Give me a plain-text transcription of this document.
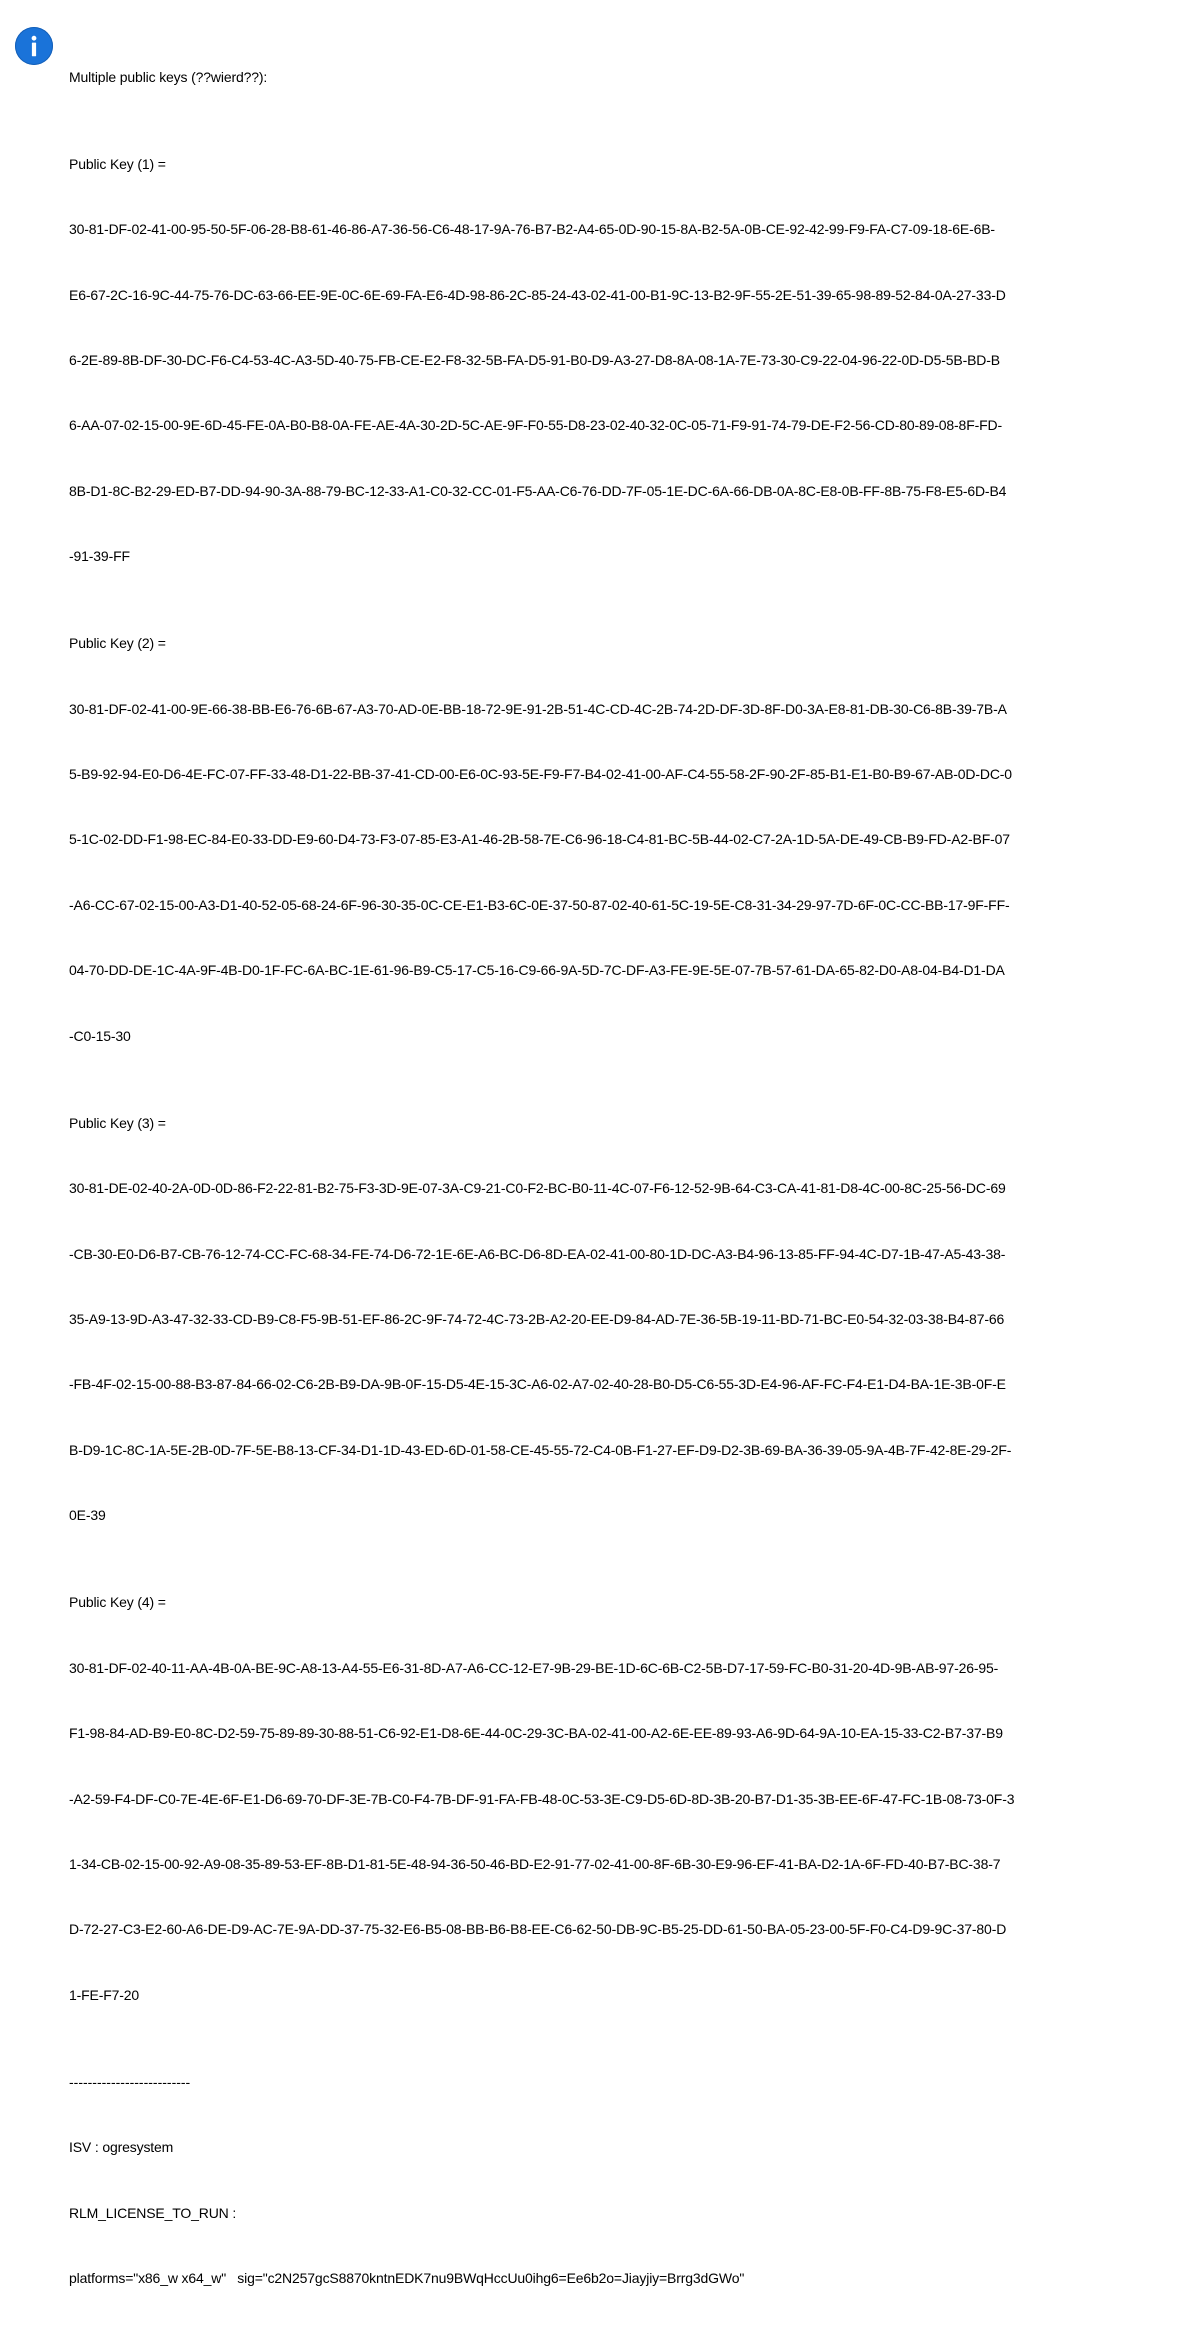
Multiple public keys (??wierd??):

Public Key (1) =

30-81-DF-02-41-00-95-50-5F-06-28-B8-61-46-86-A7-36-56-C6-48-17-9A-76-B7-B2-A4-65-0D-90-15-8A-B2-5A-0B-CE-92-42-99-F9-FA-C7-09-18-6E-6B-

E6-67-2C-16-9C-44-75-76-DC-63-66-EE-9E-0C-6E-69-FA-E6-4D-98-86-2C-85-24-43-02-41-00-B1-9C-13-B2-9F-55-2E-51-39-65-98-89-52-84-0A-27-33-D

6-2E-89-8B-DF-30-DC-F6-C4-53-4C-A3-5D-40-75-FB-CE-E2-F8-32-5B-FA-D5-91-B0-D9-A3-27-D8-8A-08-1A-7E-73-30-C9-22-04-96-22-0D-D5-5B-BD-B

6-AA-07-02-15-00-9E-6D-45-FE-0A-B0-B8-0A-FE-AE-4A-30-2D-5C-AE-9F-F0-55-D8-23-02-40-32-0C-05-71-F9-91-74-79-DE-F2-56-CD-80-89-08-8F-FD-

8B-D1-8C-B2-29-ED-B7-DD-94-90-3A-88-79-BC-12-33-A1-C0-32-CC-01-F5-AA-C6-76-DD-7F-05-1E-DC-6A-66-DB-0A-8C-E8-0B-FF-8B-75-F8-E5-6D-B4

-91-39-FF

Public Key (2) =

30-81-DF-02-41-00-9E-66-38-BB-E6-76-6B-67-A3-70-AD-0E-BB-18-72-9E-91-2B-51-4C-CD-4C-2B-74-2D-DF-3D-8F-D0-3A-E8-81-DB-30-C6-8B-39-7B-A

5-B9-92-94-E0-D6-4E-FC-07-FF-33-48-D1-22-BB-37-41-CD-00-E6-0C-93-5E-F9-F7-B4-02-41-00-AF-C4-55-58-2F-90-2F-85-B1-E1-B0-B9-67-AB-0D-DC-0

5-1C-02-DD-F1-98-EC-84-E0-33-DD-E9-60-D4-73-F3-07-85-E3-A1-46-2B-58-7E-C6-96-18-C4-81-BC-5B-44-02-C7-2A-1D-5A-DE-49-CB-B9-FD-A2-BF-07

-A6-CC-67-02-15-00-A3-D1-40-52-05-68-24-6F-96-30-35-0C-CE-E1-B3-6C-0E-37-50-87-02-40-61-5C-19-5E-C8-31-34-29-97-7D-6F-0C-CC-BB-17-9F-FF-

04-70-DD-DE-1C-4A-9F-4B-D0-1F-FC-6A-BC-1E-61-96-B9-C5-17-C5-16-C9-66-9A-5D-7C-DF-A3-FE-9E-5E-07-7B-57-61-DA-65-82-D0-A8-04-B4-D1-DA

-C0-15-30

Public Key (3) =

30-81-DE-02-40-2A-0D-0D-86-F2-22-81-B2-75-F3-3D-9E-07-3A-C9-21-C0-F2-BC-B0-11-4C-07-F6-12-52-9B-64-C3-CA-41-81-D8-4C-00-8C-25-56-DC-69

-CB-30-E0-D6-B7-CB-76-12-74-CC-FC-68-34-FE-74-D6-72-1E-6E-A6-BC-D6-8D-EA-02-41-00-80-1D-DC-A3-B4-96-13-85-FF-94-4C-D7-1B-47-A5-43-38-

35-A9-13-9D-A3-47-32-33-CD-B9-C8-F5-9B-51-EF-86-2C-9F-74-72-4C-73-2B-A2-20-EE-D9-84-AD-7E-36-5B-19-11-BD-71-BC-E0-54-32-03-38-B4-87-66

-FB-4F-02-15-00-88-B3-87-84-66-02-C6-2B-B9-DA-9B-0F-15-D5-4E-15-3C-A6-02-A7-02-40-28-B0-D5-C6-55-3D-E4-96-AF-FC-F4-E1-D4-BA-1E-3B-0F-E

B-D9-1C-8C-1A-5E-2B-0D-7F-5E-B8-13-CF-34-D1-1D-43-ED-6D-01-58-CE-45-55-72-C4-0B-F1-27-EF-D9-D2-3B-69-BA-36-39-05-9A-4B-7F-42-8E-29-2F-

0E-39

Public Key (4) =

30-81-DF-02-40-11-AA-4B-0A-BE-9C-A8-13-A4-55-E6-31-8D-A7-A6-CC-12-E7-9B-29-BE-1D-6C-6B-C2-5B-D7-17-59-FC-B0-31-20-4D-9B-AB-97-26-95-

F1-98-84-AD-B9-E0-8C-D2-59-75-89-89-30-88-51-C6-92-E1-D8-6E-44-0C-29-3C-BA-02-41-00-A2-6E-EE-89-93-A6-9D-64-9A-10-EA-15-33-C2-B7-37-B9

-A2-59-F4-DF-C0-7E-4E-6F-E1-D6-69-70-DF-3E-7B-C0-F4-7B-DF-91-FA-FB-48-0C-53-3E-C9-D5-6D-8D-3B-20-B7-D1-35-3B-EE-6F-47-FC-1B-08-73-0F-3

1-34-CB-02-15-00-92-A9-08-35-89-53-EF-8B-D1-81-5E-48-94-36-50-46-BD-E2-91-77-02-41-00-8F-6B-30-E9-96-EF-41-BA-D2-1A-6F-FD-40-B7-BC-38-7

D-72-27-C3-E2-60-A6-DE-D9-AC-7E-9A-DD-37-75-32-E6-B5-08-BB-B6-B8-EE-C6-62-50-DB-9C-B5-25-DD-61-50-BA-05-23-00-5F-F0-C4-D9-9C-37-80-D

1-FE-F7-20

--------------------------

ISV : ogresystem

RLM_LICENSE_TO_RUN :

platforms="x86_w x64_w"   sig="c2N257gcS8870kntnEDK7nu9BWqHccUu0ihg6=Ee6b2o=Jiayjiy=Brrg3dGWo"
